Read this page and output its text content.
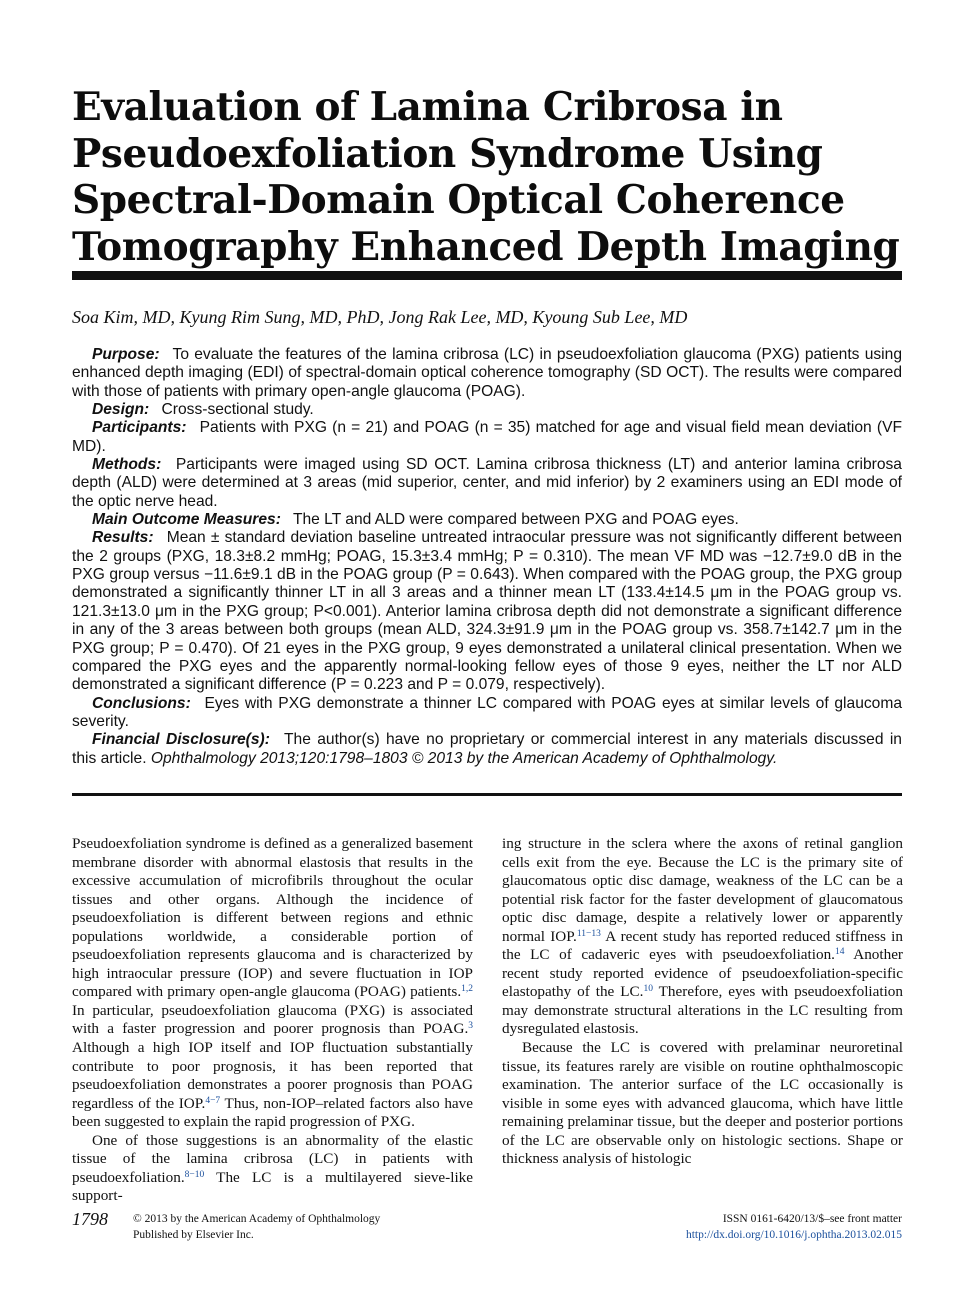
Evaluation of Lamina Cribrosa in
Pseudoexfoliation Syndrome Using
Spectral-Domain Optical Coherence
Tomography Enhanced Depth Imaging
Soa Kim, MD, Kyung Rim Sung, MD, PhD, Jong Rak Lee, MD, Kyoung Sub Lee, MD

Purpose: To evaluate the features of the lamina cribrosa (LC) in pseudoexfoliation glaucoma (PXG) patients using enhanced depth imaging (EDI) of spectral-domain optical coherence tomography (SD OCT). The results were compared with those of patients with primary open-angle glaucoma (POAG).

Design: Cross-sectional study.

Participants: Patients with PXG (n = 21) and POAG (n = 35) matched for age and visual field mean deviation (VF MD).

Methods: Participants were imaged using SD OCT. Lamina cribrosa thickness (LT) and anterior lamina cribrosa depth (ALD) were determined at 3 areas (mid superior, center, and mid inferior) by 2 examiners using an EDI mode of the optic nerve head.

Main Outcome Measures: The LT and ALD were compared between PXG and POAG eyes.

Results: Mean ± standard deviation baseline untreated intraocular pressure was not significantly different between the 2 groups (PXG, 18.3±8.2 mmHg; POAG, 15.3±3.4 mmHg; P = 0.310). The mean VF MD was −12.7±9.0 dB in the PXG group versus −11.6±9.1 dB in the POAG group (P = 0.643). When compared with the POAG group, the PXG group demonstrated a significantly thinner LT in all 3 areas and a thinner mean LT (133.4±14.5 μm in the POAG group vs. 121.3±13.0 μm in the PXG group; P<0.001). Anterior lamina cribrosa depth did not demonstrate a significant difference in any of the 3 areas between both groups (mean ALD, 324.3±91.9 μm in the POAG group vs. 358.7±142.7 μm in the PXG group; P = 0.470). Of 21 eyes in the PXG group, 9 eyes demonstrated a unilateral clinical presentation. When we compared the PXG eyes and the apparently normal-looking fellow eyes of those 9 eyes, neither the LT nor ALD demonstrated a significant difference (P = 0.223 and P = 0.079, respectively).

Conclusions: Eyes with PXG demonstrate a thinner LC compared with POAG eyes at similar levels of glaucoma severity.

Financial Disclosure(s): The author(s) have no proprietary or commercial interest in any materials discussed in this article. Ophthalmology 2013;120:1798–1803 © 2013 by the American Academy of Ophthalmology.

Pseudoexfoliation syndrome is defined as a generalized basement membrane disorder with abnormal elastosis that results in the excessive accumulation of microfibrils throughout the ocular tissues and other organs. Although the incidence of pseudoexfoliation is different between regions and ethnic populations worldwide, a considerable portion of pseudoexfoliation represents glaucoma and is characterized by high intraocular pressure (IOP) and severe fluctuation in IOP compared with primary open-angle glaucoma (POAG) patients.$^{1,2}$ In particular, pseudoexfoliation glaucoma (PXG) is associated with a faster progression and poorer prognosis than POAG.$^3$ Although a high IOP itself and IOP fluctuation substantially contribute to poor prognosis, it has been reported that pseudoexfoliation demonstrates a poorer prognosis than POAG regardless of the IOP.$^{4-7}$ Thus, non-IOP–related factors also have been suggested to explain the rapid progression of PXG.

One of those suggestions is an abnormality of the elastic tissue of the lamina cribrosa (LC) in patients with pseudoexfoliation.$^{8-10}$ The LC is a multilayered sieve-like support-

ing structure in the sclera where the axons of retinal ganglion cells exit from the eye. Because the LC is the primary site of glaucomatous optic disc damage, weakness of the LC can be a potential risk factor for the faster development of glaucomatous optic disc damage, despite a relatively lower or apparently normal IOP.$^{11-13}$ A recent study has reported reduced stiffness in the LC of cadaveric eyes with pseudoexfoliation.$^{14}$ Another recent study reported evidence of pseudoexfoliation-specific elastopathy of the LC.$^{10}$ Therefore, eyes with pseudoexfoliation may demonstrate structural alterations in the LC resulting from dysregulated elastosis.

Because the LC is covered with prelaminar neuroretinal tissue, its features rarely are visible on routine ophthalmoscopic examination. The anterior surface of the LC occasionally is visible in some eyes with advanced glaucoma, which have little remaining prelaminar tissue, but the deeper and posterior portions of the LC are observable only on histologic sections. Shape or thickness analysis of histologic

1798 © 2013 by the American Academy of Ophthalmology
Published by Elsevier Inc.
ISSN 0161-6420/13/$–see front matter
http://dx.doi.org/10.1016/j.ophtha.2013.02.015
